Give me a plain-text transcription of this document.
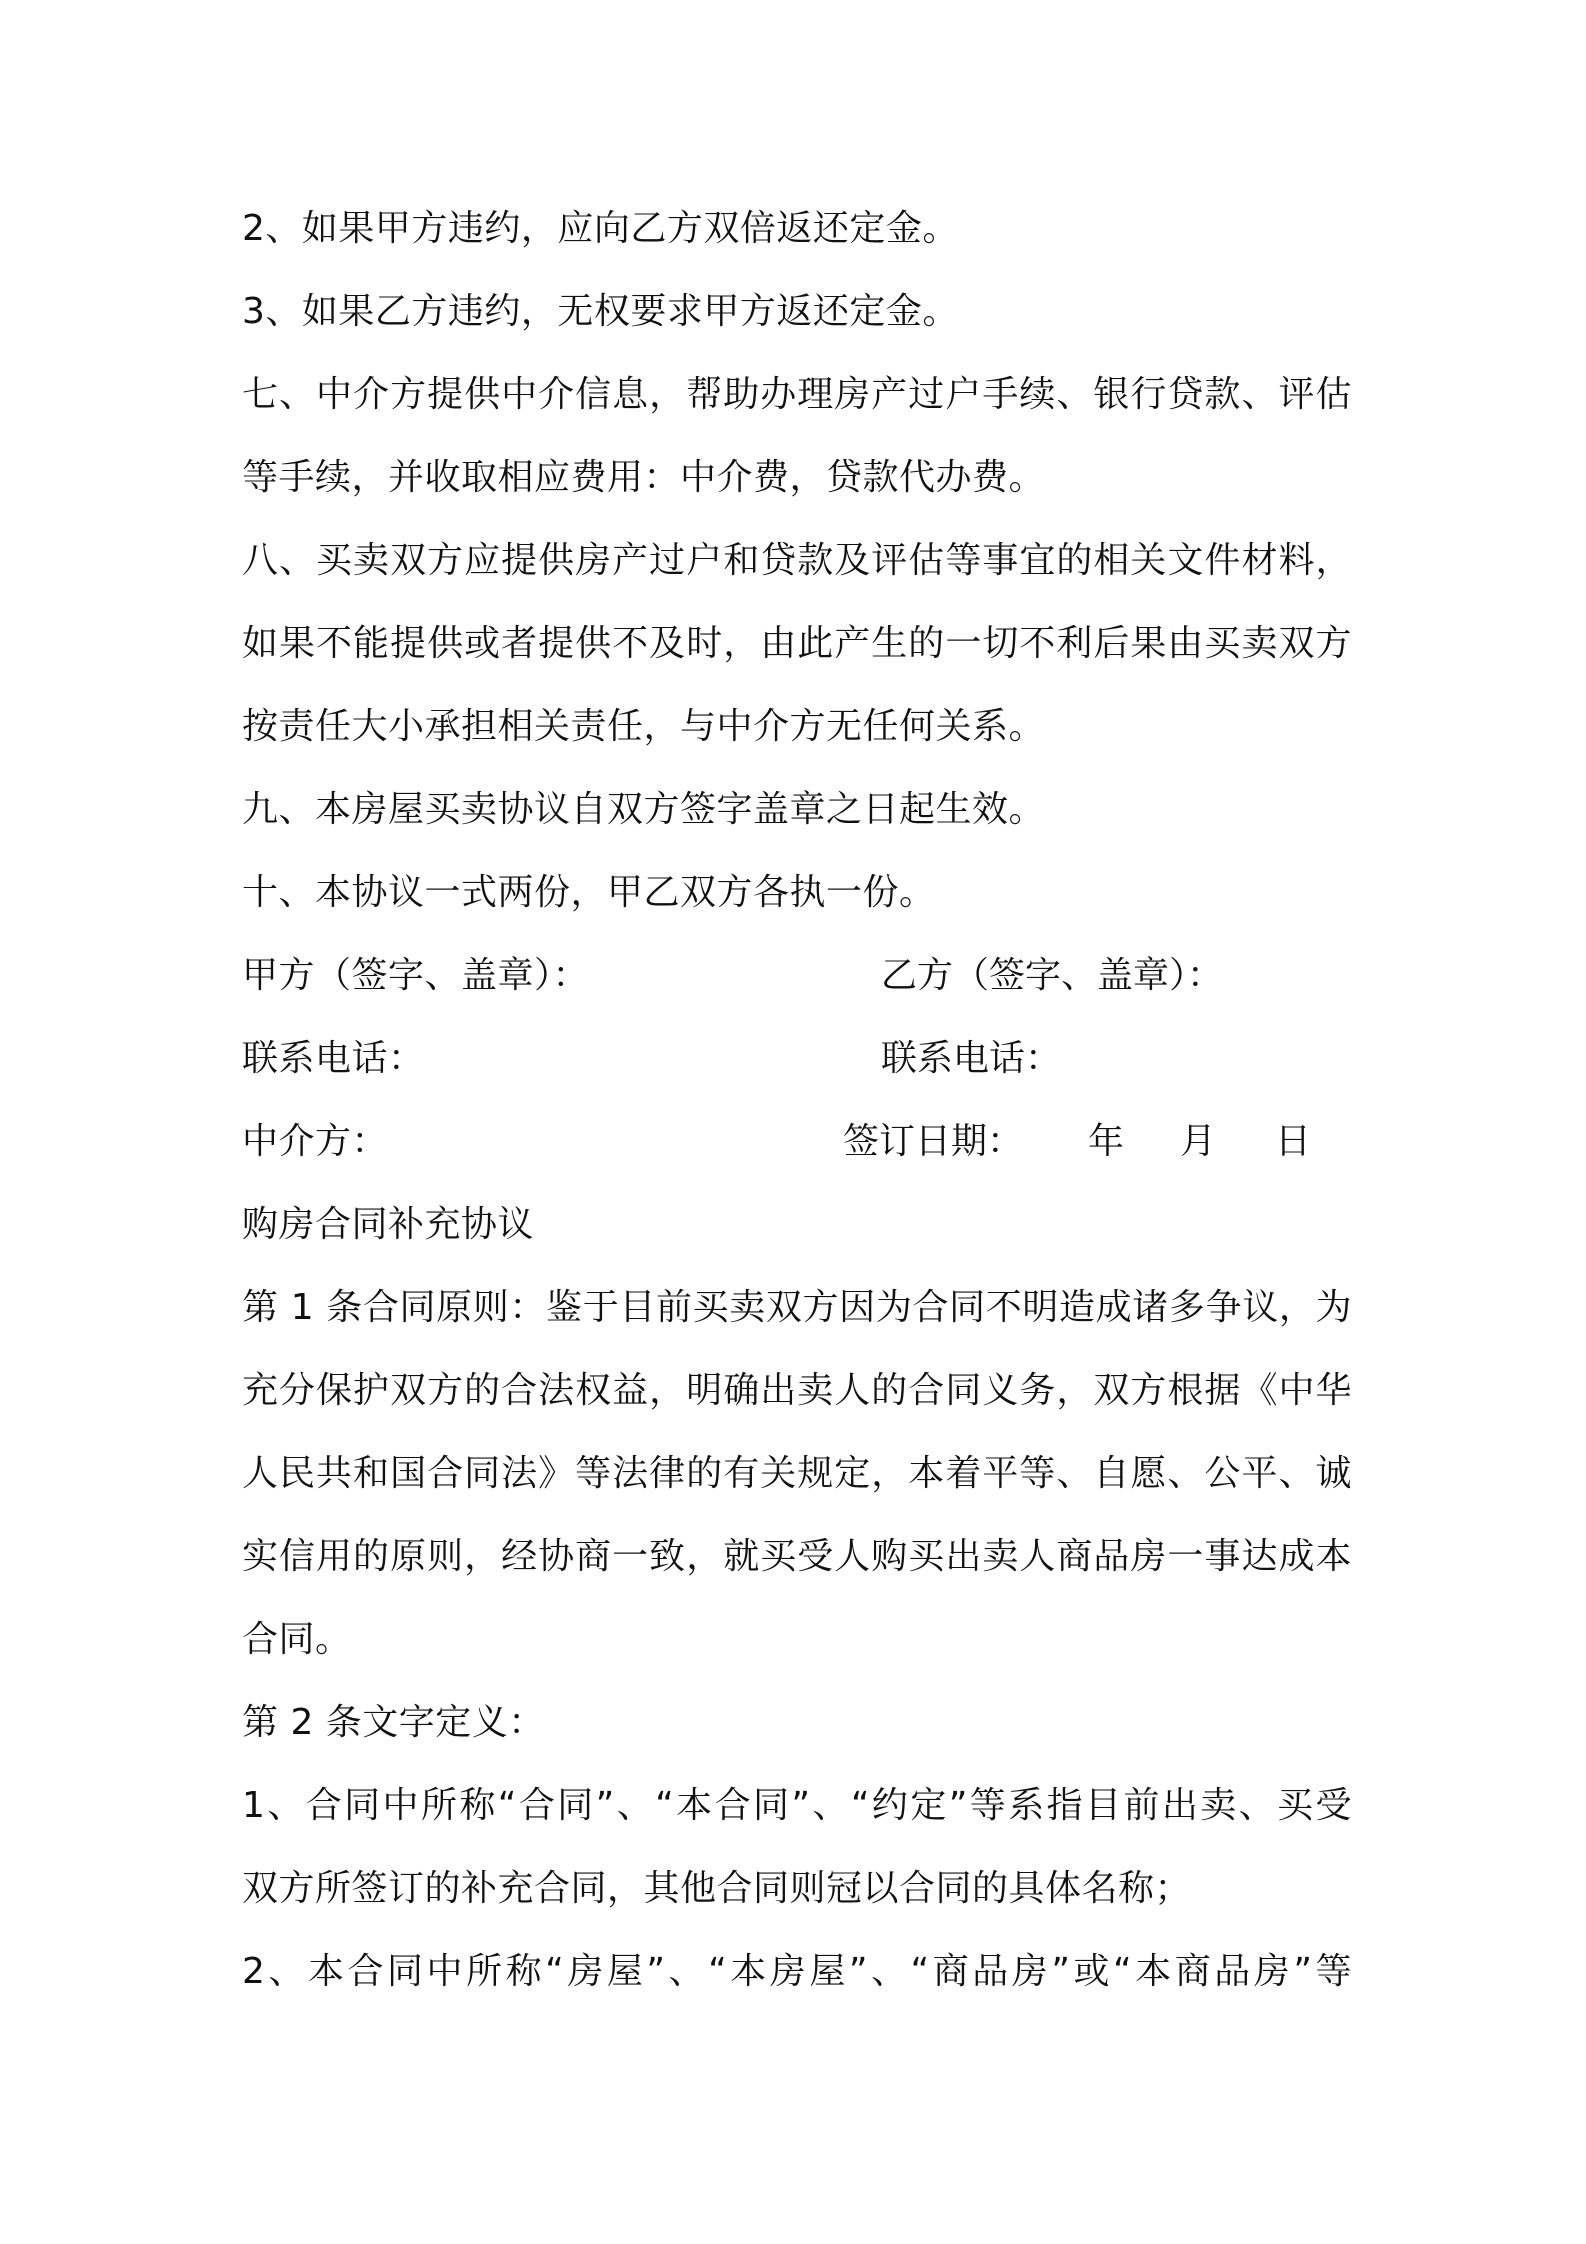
2、如果甲方违约，应向乙方双倍返还定金。
3、如果乙方违约，无权要求甲方返还定金。
七、中介方提供中介信息，帮助办理房产过户手续、银行贷款、评估
等手续，并收取相应费用：中介费，贷款代办费。
八、买卖双方应提供房产过户和贷款及评估等事宜的相关文件材料，
如果不能提供或者提供不及时，由此产生的一切不利后果由买卖双方
按责任大小承担相关责任，与中介方无任何关系。
九、本房屋买卖协议自双方签字盖章之日起生效。
十、本协议一式两份，甲乙双方各执一份。
甲方（签字、盖章）：	乙方（签字、盖章）：
联系电话：	联系电话：
中介方：	签订日期： 年 月 日
购房合同补充协议
第 1 条合同原则：鉴于目前买卖双方因为合同不明造成诸多争议，为
充分保护双方的合法权益，明确出卖人的合同义务，双方根据《中华
人民共和国合同法》等法律的有关规定，本着平等、自愿、公平、诚
实信用的原则，经协商一致，就买受人购买出卖人商品房一事达成本
合同。
第 2 条文字定义：
1、合同中所称“合同”、“本合同”、“约定”等系指目前出卖、买受
双方所签订的补充合同，其他合同则冠以合同的具体名称；
2、本合同中所称“房屋”、“本房屋”、“商品房”或“本商品房”等
